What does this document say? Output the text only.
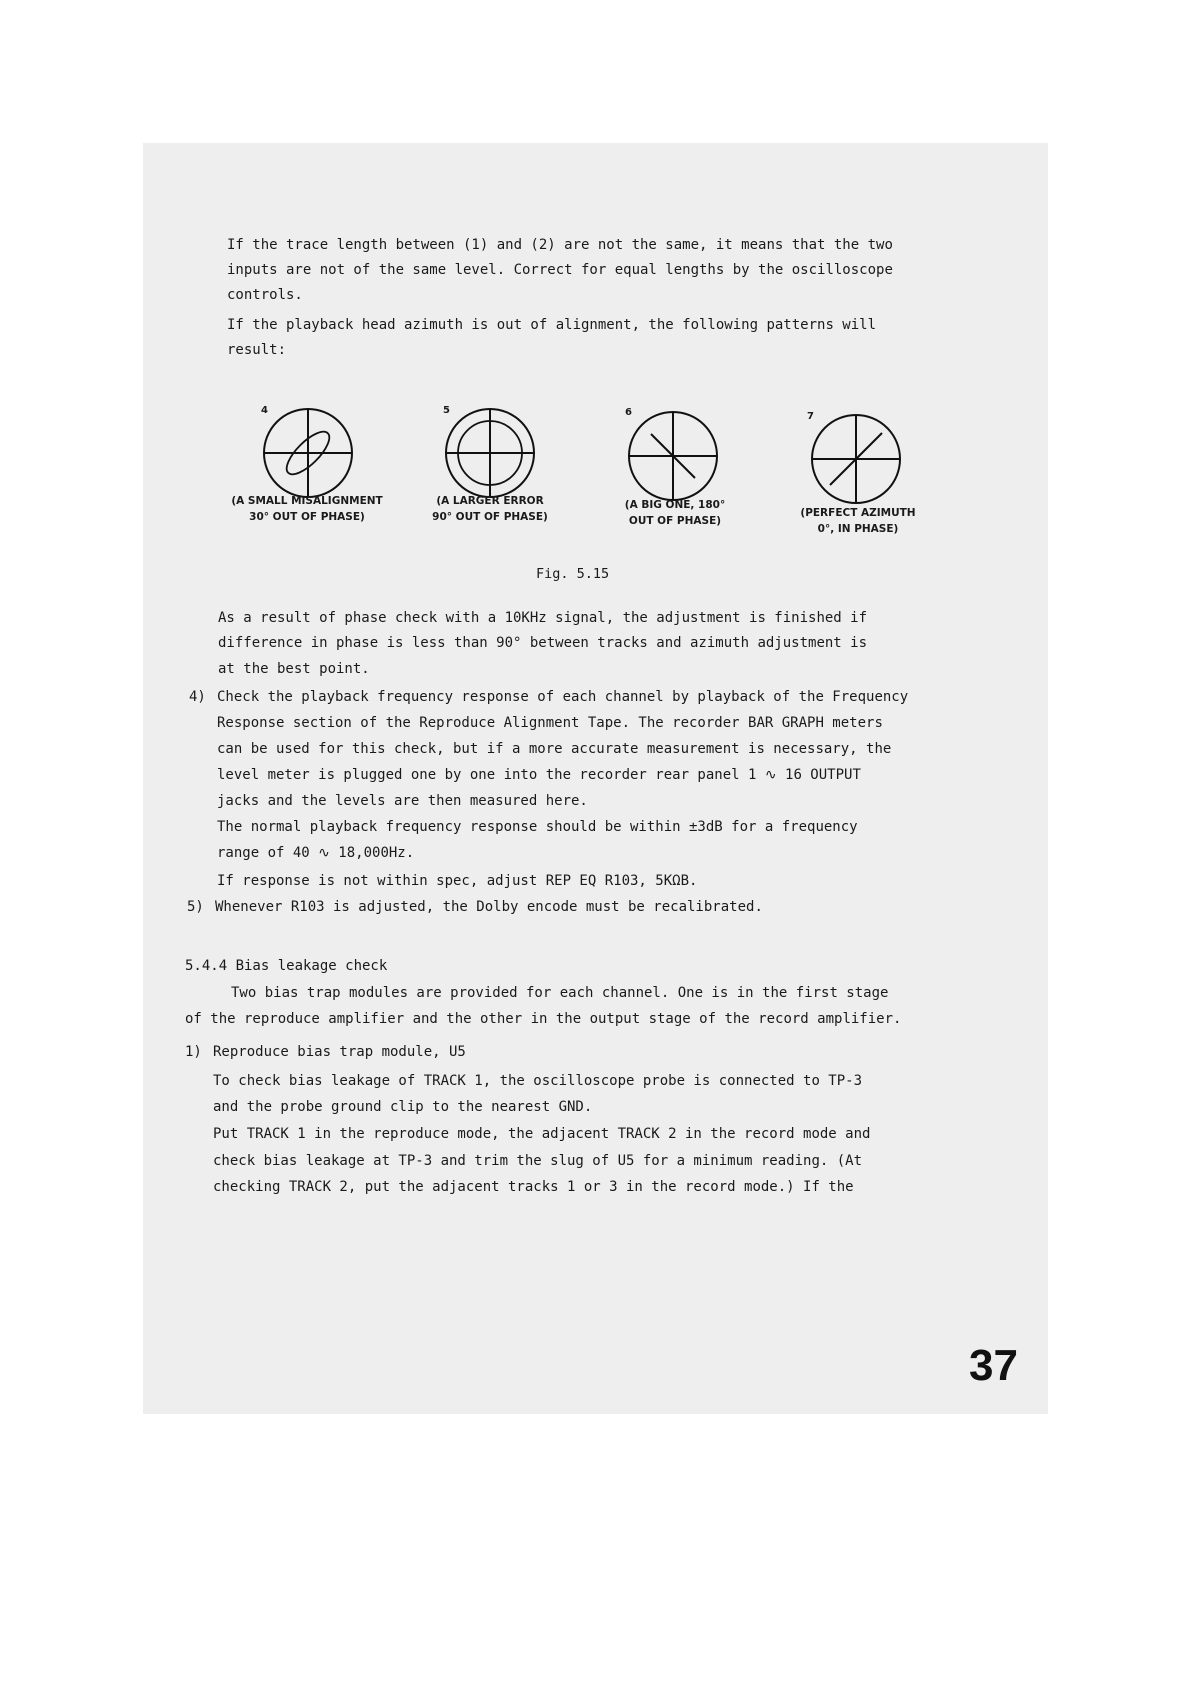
If the trace length between (1) and (2) are not the same, it means that the two
inputs are not of the same level. Correct for equal lengths by the oscilloscope
controls.
If the playback head azimuth is out of alignment, the following patterns will
result:
4
(A SMALL MISALIGNMENT
30° OUT OF PHASE)
5
(A LARGER ERROR
90° OUT OF PHASE)
6
(A BIG ONE, 180°
OUT OF PHASE)
7
(PERFECT AZIMUTH
0°, IN PHASE)
Fig. 5.15
As a result of phase check with a 10KHz signal, the adjustment is finished if
difference in phase is less than 90° between tracks and azimuth adjustment is
at the best point.
4) Check the playback frequency response of each channel by playback of the Frequency
Response section of the Reproduce Alignment Tape. The recorder BAR GRAPH meters
can be used for this check, but if a more accurate measurement is necessary, the
level meter is plugged one by one into the recorder rear panel 1 ∿ 16 OUTPUT
jacks and the levels are then measured here.
The normal playback frequency response should be within ±3dB for a frequency
range of 40 ∿ 18,000Hz.
If response is not within spec, adjust REP EQ R103, 5KΩB.
5) Whenever R103 is adjusted, the Dolby encode must be recalibrated.
5.4.4 Bias leakage check
Two bias trap modules are provided for each channel. One is in the first stage
of the reproduce amplifier and the other in the output stage of the record amplifier.
1) Reproduce bias trap module, U5
To check bias leakage of TRACK 1, the oscilloscope probe is connected to TP-3
and the probe ground clip to the nearest GND.
Put TRACK 1 in the reproduce mode, the adjacent TRACK 2 in the record mode and
check bias leakage at TP-3 and trim the slug of U5 for a minimum reading. (At
checking TRACK 2, put the adjacent tracks 1 or 3 in the record mode.) If the
37
